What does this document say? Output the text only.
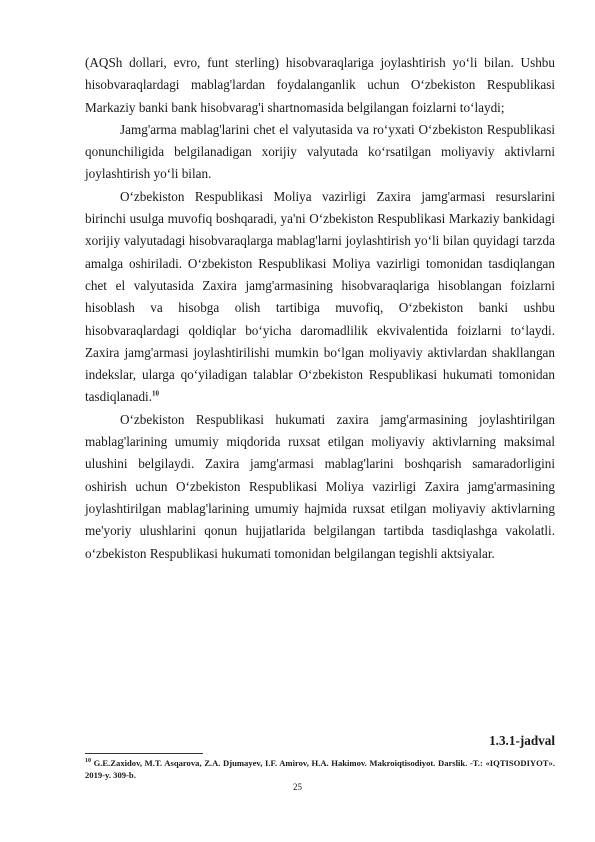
(AQSh dollari, evro, funt sterling) hisobvaraqlariga joylashtirish yo‘li bilan. Ushbu hisobvaraqlardagi mablag'lardan foydalanganlik uchun O‘zbekiston Respublikasi Markaziy banki bank hisobvarag'i shartnomasida belgilangan foizlarni to‘laydi;

Jamg'arma mablag'larini chet el valyutasida va ro‘yxati O‘zbekiston Respublikasi qonunchiligida belgilanadigan xorijiy valyutada ko‘rsatilgan moliyaviy aktivlarni joylashtirish yo‘li bilan.

O‘zbekiston Respublikasi Moliya vazirligi Zaxira jamg'armasi resurslarini birinchi usulga muvofiq boshqaradi, ya'ni O‘zbekiston Respublikasi Markaziy bankidagi xorijiy valyutadagi hisobvaraqlarga mablag'larni joylashtirish yo‘li bilan quyidagi tarzda amalga oshiriladi. O‘zbekiston Respublikasi Moliya vazirligi tomonidan tasdiqlangan chet el valyutasida Zaxira jamg'armasining hisobvaraqlariga hisoblangan foizlarni hisoblash va hisobga olish tartibiga muvofiq, O‘zbekiston banki ushbu hisobvaraqlardagi qoldiqlar bo‘yicha daromadlilik ekvivalentida foizlarni to‘laydi. Zaxira jamg'armasi joylashtirilishi mumkin bo‘lgan moliyaviy aktivlardan shakllangan indekslar, ularga qo‘yiladigan talablar O‘zbekiston Respublikasi hukumati tomonidan tasdiqlanadi.$^{10}$

O‘zbekiston Respublikasi hukumati zaxira jamg'armasining joylashtirilgan mablag'larining umumiy miqdorida ruxsat etilgan moliyaviy aktivlarning maksimal ulushini belgilaydi. Zaxira jamg'armasi mablag'larini boshqarish samaradorligini oshirish uchun O‘zbekiston Respublikasi Moliya vazirligi Zaxira jamg'armasining joylashtirilgan mablag'larining umumiy hajmida ruxsat etilgan moliyaviy aktivlarning me'yoriy ulushlarini qonun hujjatlarida belgilangan tartibda tasdiqlashga vakolatli. o‘zbekiston Respublikasi hukumati tomonidan belgilangan tegishli aktsiyalar.

1.3.1-jadval
$^{10}$ G.E.Zaxidov, M.T. Asqarova, Z.A. Djumayev, I.F. Amirov, H.A. Hakimov. Makroiqtisodiyot. Darslik. -T.: «IQTISODIYOT». 2019-y. 309-b.
25
